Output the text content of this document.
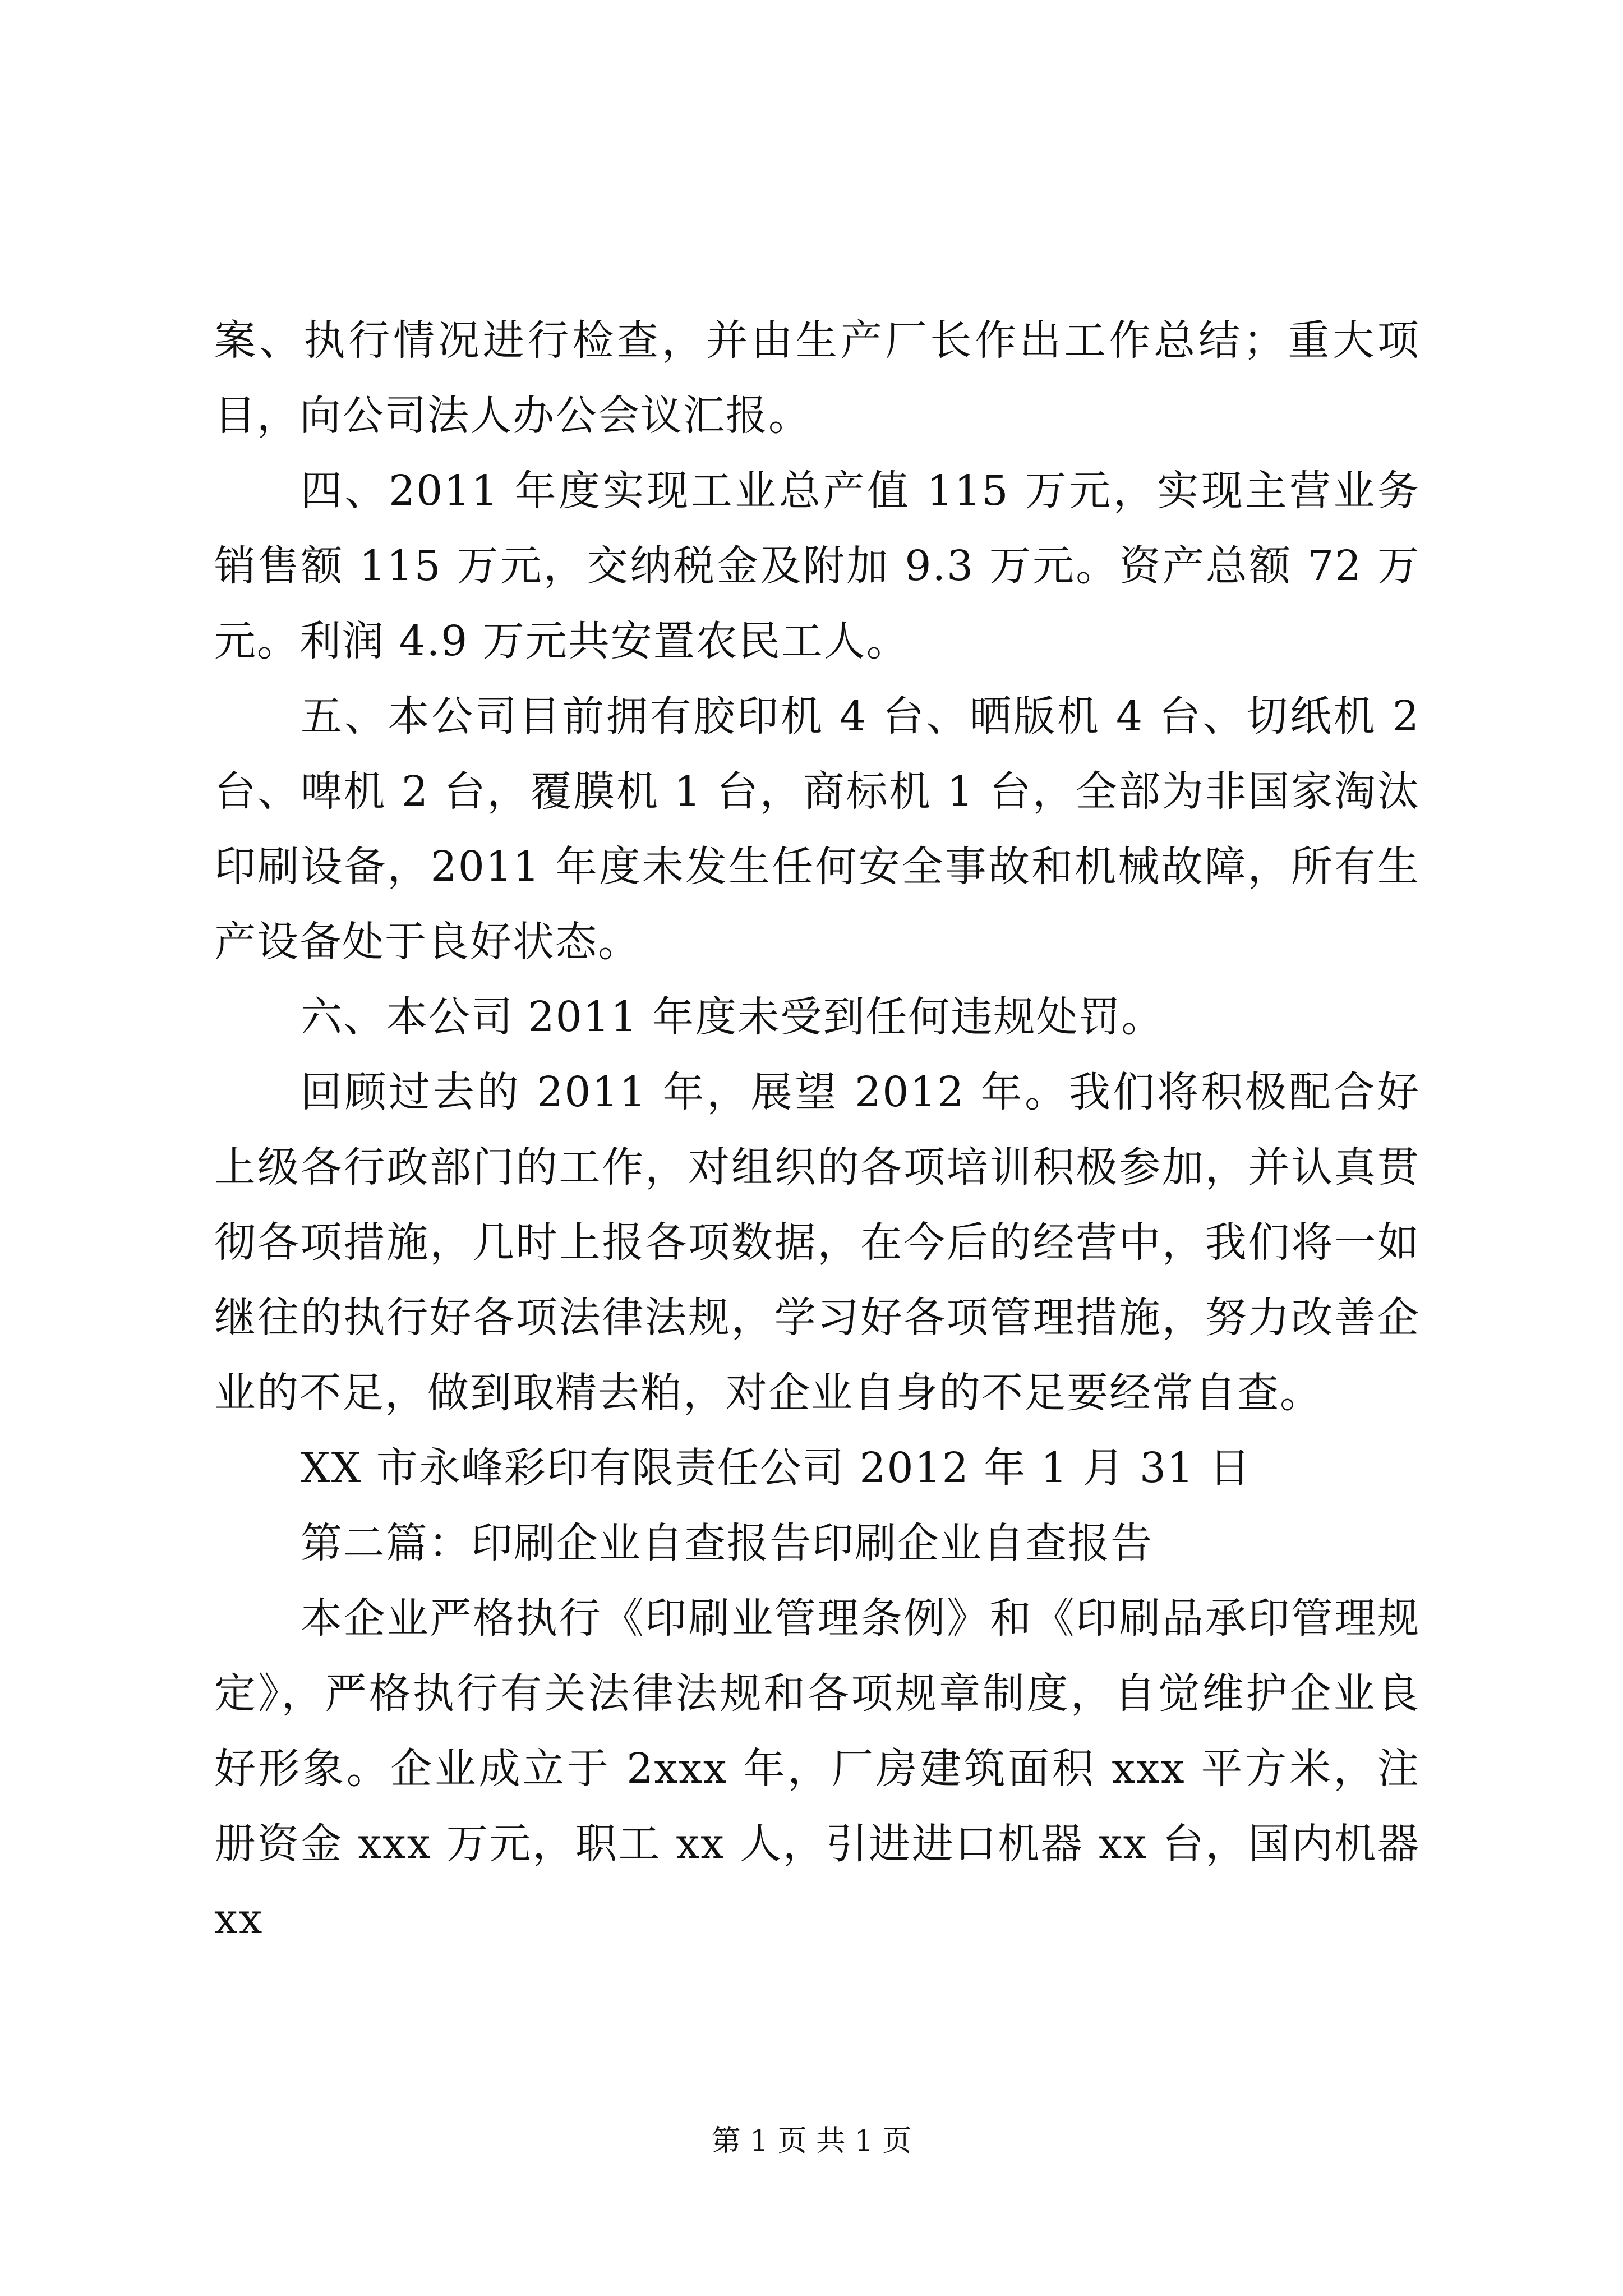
案、执行情况进行检查，并由生产厂长作出工作总结；重大项目，向公司法人办公会议汇报。

四、2011 年度实现工业总产值 115 万元，实现主营业务销售额 115 万元，交纳税金及附加 9.3 万元。资产总额 72 万元。利润 4.9 万元共安置农民工人。

五、本公司目前拥有胶印机 4 台、晒版机 4 台、切纸机 2 台、啤机 2 台，覆膜机 1 台，商标机 1 台，全部为非国家淘汰印刷设备，2011 年度未发生任何安全事故和机械故障，所有生产设备处于良好状态。

六、本公司 2011 年度未受到任何违规处罚。

回顾过去的 2011 年，展望 2012 年。我们将积极配合好上级各行政部门的工作，对组织的各项培训积极参加，并认真贯彻各项措施，几时上报各项数据，在今后的经营中，我们将一如继往的执行好各项法律法规，学习好各项管理措施，努力改善企业的不足，做到取精去粕，对企业自身的不足要经常自查。

XX 市永峰彩印有限责任公司 2012 年 1 月 31 日

第二篇：印刷企业自查报告印刷企业自查报告

本企业严格执行《印刷业管理条例》和《印刷品承印管理规定》，严格执行有关法律法规和各项规章制度，自觉维护企业良好形象。企业成立于 2xxx 年，厂房建筑面积 xxx 平方米，注册资金 xxx 万元，职工 xx 人，引进进口机器 xx 台，国内机器 xx

第 1 页 共 1 页
